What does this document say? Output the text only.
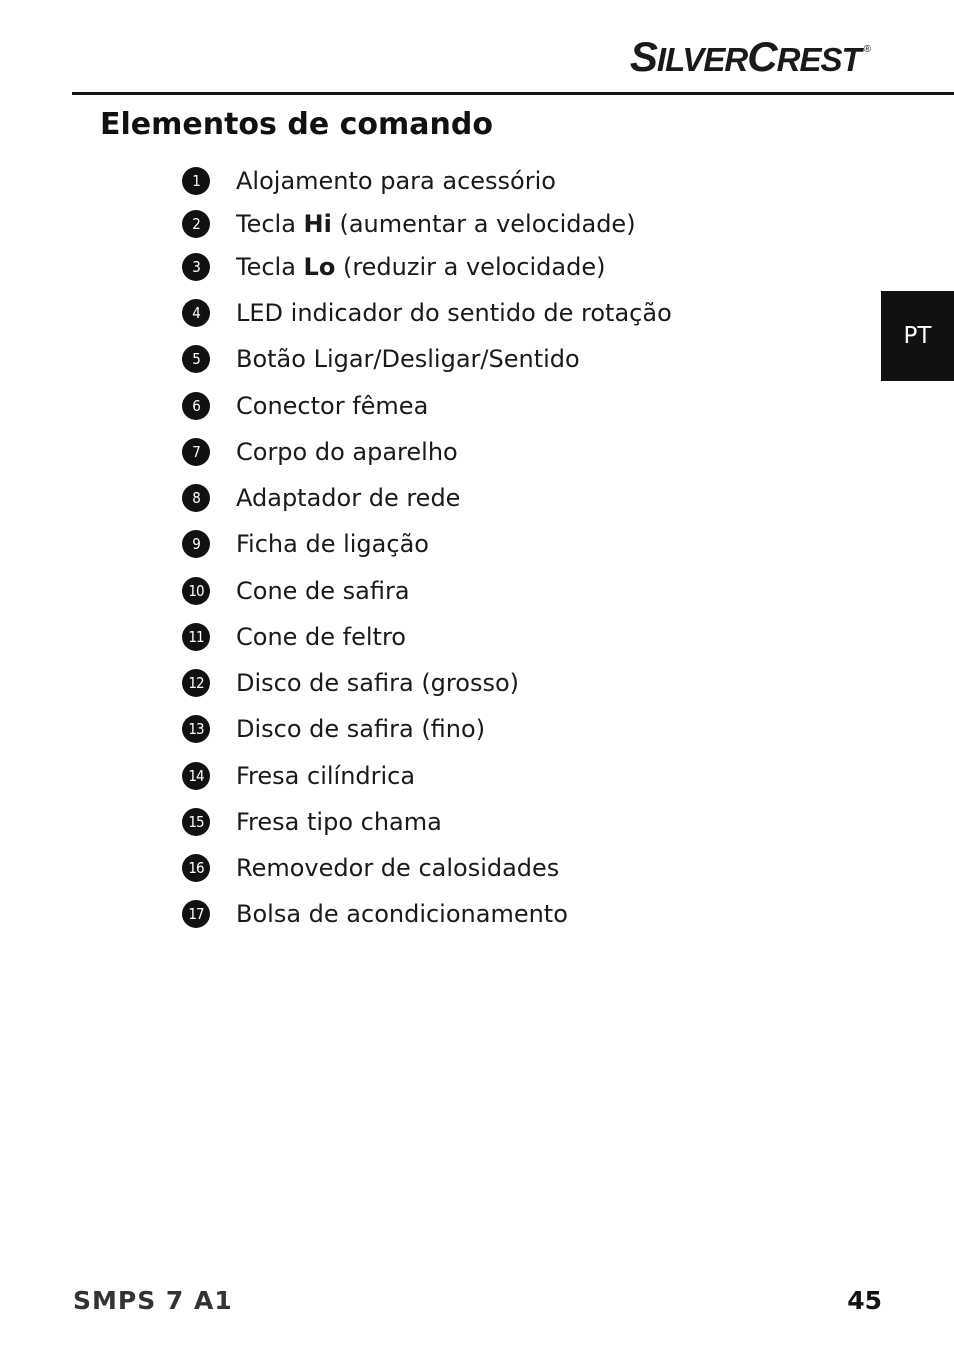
S ILVER C REST ®
Elementos de comando
1	Alojamento para acessório
2	Tecla Hi (aumentar a velocidade)
3	Tecla Lo (reduzir a velocidade)
4	LED indicador do sentido de rotação
5	Botão Ligar/Desligar/Sentido
6	Conector fêmea
7	Corpo do aparelho
8	Adaptador de rede
9	Ficha de ligação
10 Cone de safira
11 Cone de feltro
12 Disco de safira (grosso)
13 Disco de safira (fino)
14 Fresa cilíndrica
15 Fresa tipo chama
16 Removedor de calosidades
17 Bolsa de acondicionamento
PT
SMPS 7 A1	45
